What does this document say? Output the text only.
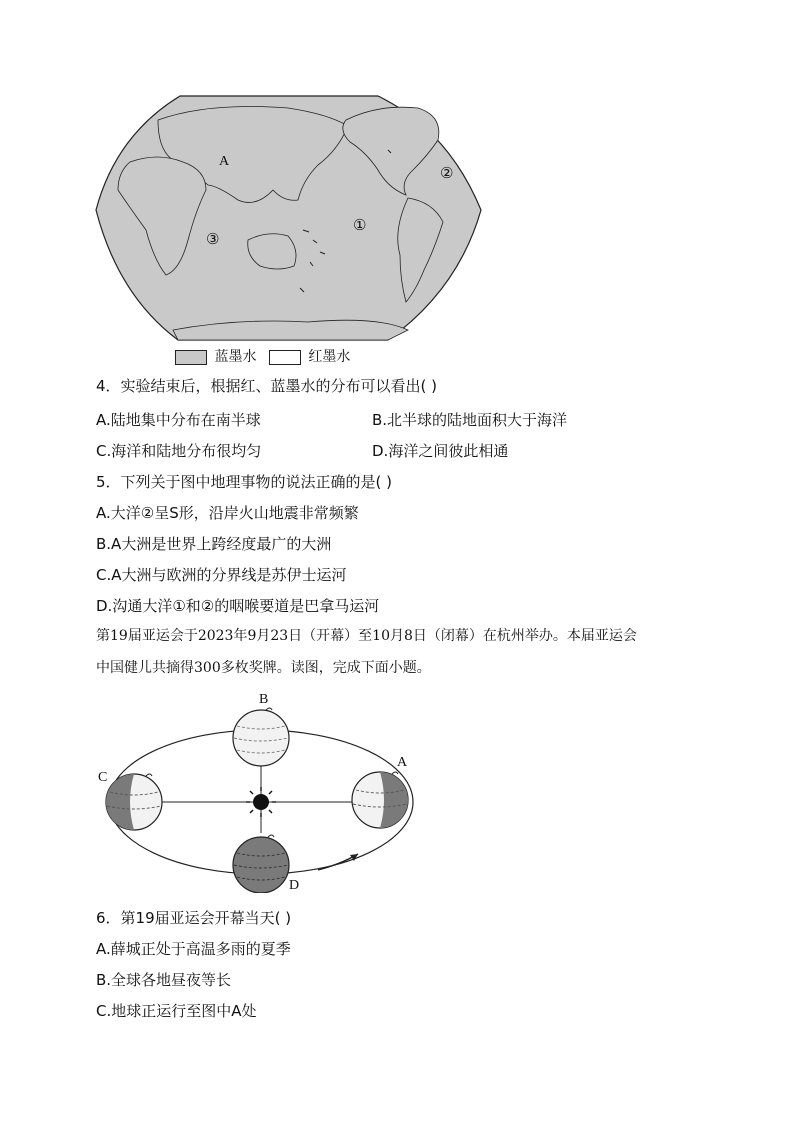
A
①
②
③
蓝墨水	红墨水
4．实验结束后，根据红、蓝墨水的分布可以看出( )
A.陆地集中分布在南半球	B.北半球的陆地面积大于海洋
C.海洋和陆地分布很均匀	D.海洋之间彼此相通
5．下列关于图中地理事物的说法正确的是( )
A.大洋②呈S形，沿岸火山地震非常频繁
B.A大洲是世界上跨经度最广的大洲
C.A大洲与欧洲的分界线是苏伊士运河
D.沟通大洋①和②的咽喉要道是巴拿马运河
第19届亚运会于2023年9月23日（开幕）至10月8日（闭幕）在杭州举办。本届亚运会
中国健儿共摘得300多枚奖牌。读图，完成下面小题。
B
C
A
D
6．第19届亚运会开幕当天( )
A.薛城正处于高温多雨的夏季
B.全球各地昼夜等长
C.地球正运行至图中A处
